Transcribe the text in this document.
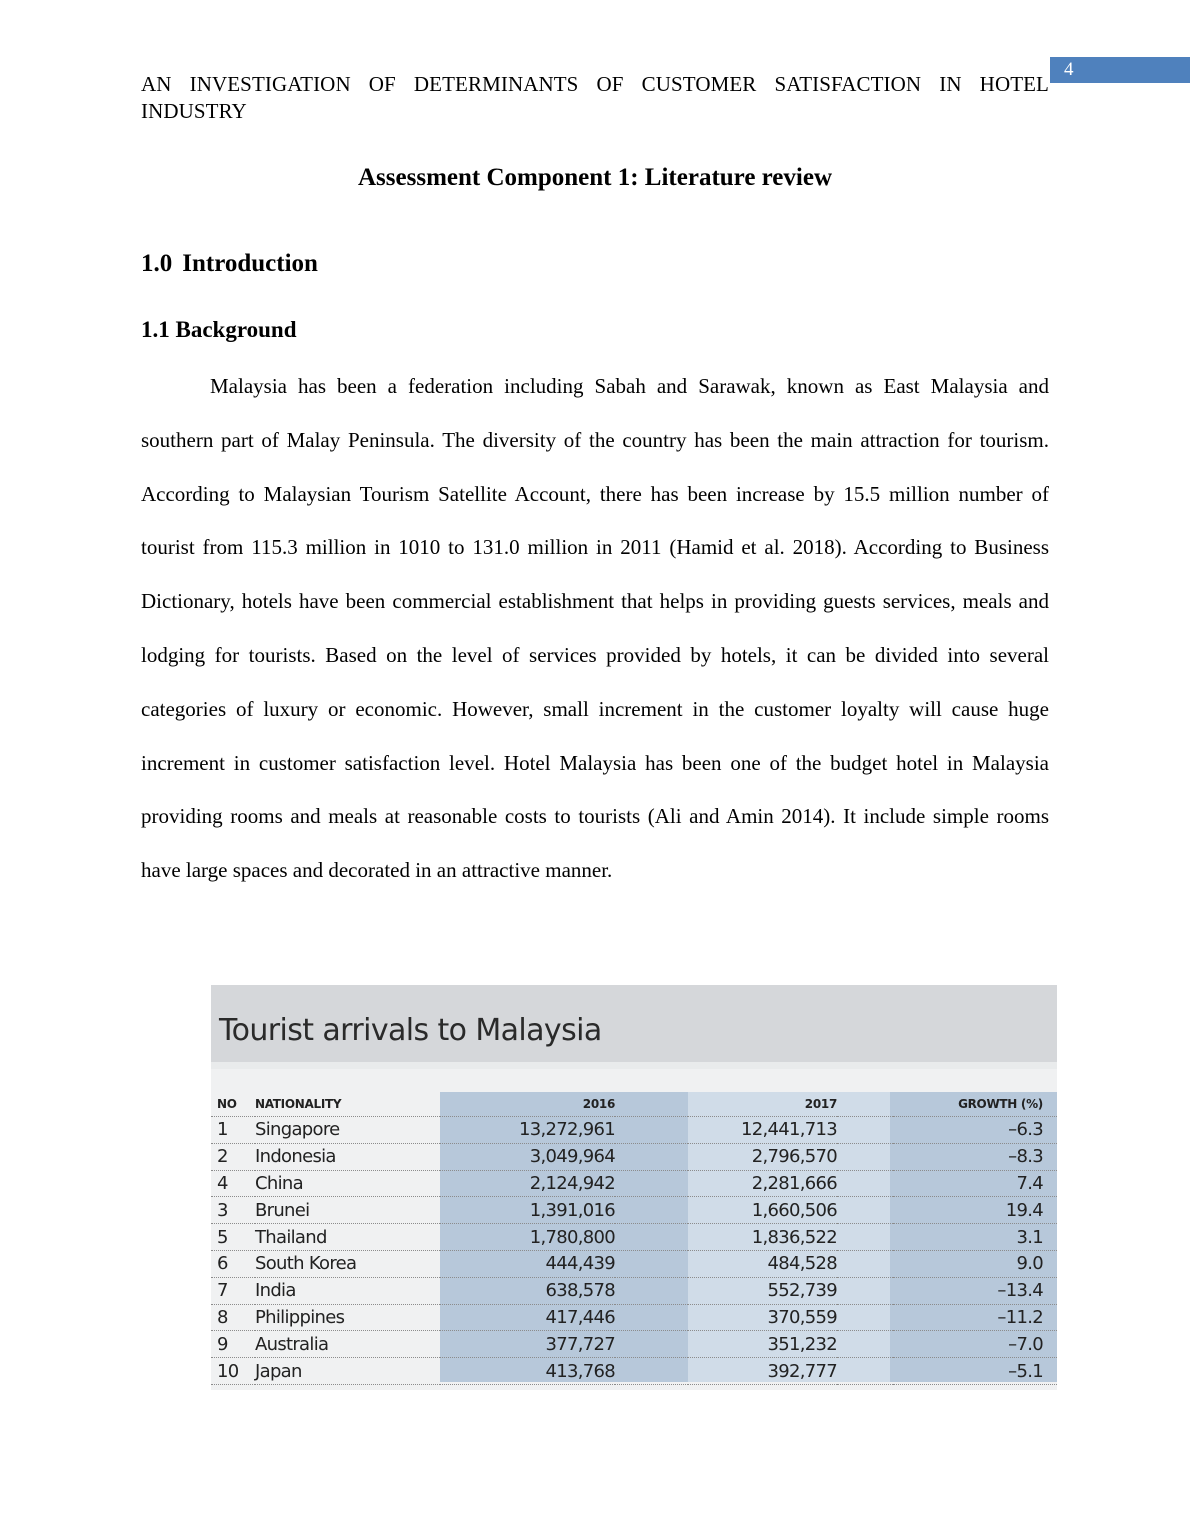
4
AN INVESTIGATION OF DETERMINANTS OF CUSTOMER SATISFACTION IN HOTEL INDUSTRY
Assessment Component 1: Literature review
1.0 Introduction
1.1 Background

Malaysia has been a federation including Sabah and Sarawak, known as East Malaysia and southern part of Malay Peninsula. The diversity of the country has been the main attraction for tourism. According to Malaysian Tourism Satellite Account, there has been increase by 15.5 million number of tourist from 115.3 million in 1010 to 131.0 million in 2011 (Hamid et al. 2018). According to Business Dictionary, hotels have been commercial establishment that helps in providing guests services, meals and lodging for tourists. Based on the level of services provided by hotels, it can be divided into several categories of luxury or economic. However, small increment in the customer loyalty will cause huge increment in customer satisfaction level. Hotel Malaysia has been one of the budget hotel in Malaysia providing rooms and meals at reasonable costs to tourists (Ali and Amin 2014). It include simple rooms have large spaces and decorated in an attractive manner.

Tourist arrivals to Malaysia
NO	NATIONALITY	2016		2017		GROWTH (%)
1	Singapore	13,272,961		12,441,713		–6.3
2	Indonesia	3,049,964		2,796,570		–8.3
4	China	2,124,942		2,281,666		7.4
3	Brunei	1,391,016		1,660,506		19.4
5	Thailand	1,780,800		1,836,522		3.1
6	South Korea	444,439		484,528		9.0
7	India	638,578		552,739		–13.4
8	Philippines	417,446		370,559		–11.2
9	Australia	377,727		351,232		–7.0
10	Japan	413,768		392,777		–5.1
